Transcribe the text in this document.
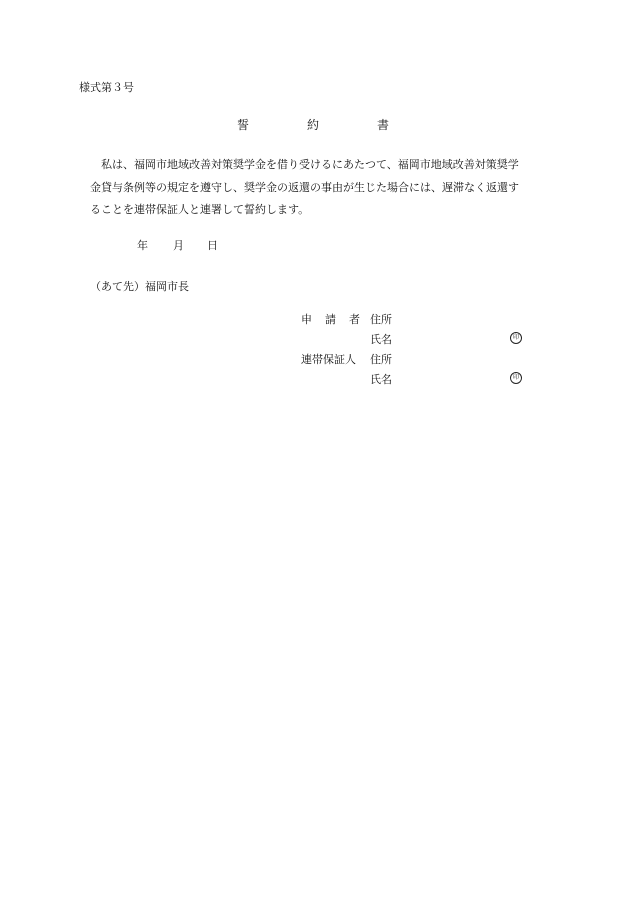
様式第３号
誓	約	書
私は、福岡市地域改善対策奨学金を借り受けるにあたつて、福岡市地域改善対策奨学
金貸与条例等の規定を遵守し、奨学金の返還の事由が生じた場合には、遅滞なく返還す
ることを連帯保証人と連署して誓約します。
年 月 日
（あて先）福岡市長
申 請 者 住所
氏名	印
連帯保証人 住所
氏名	印
